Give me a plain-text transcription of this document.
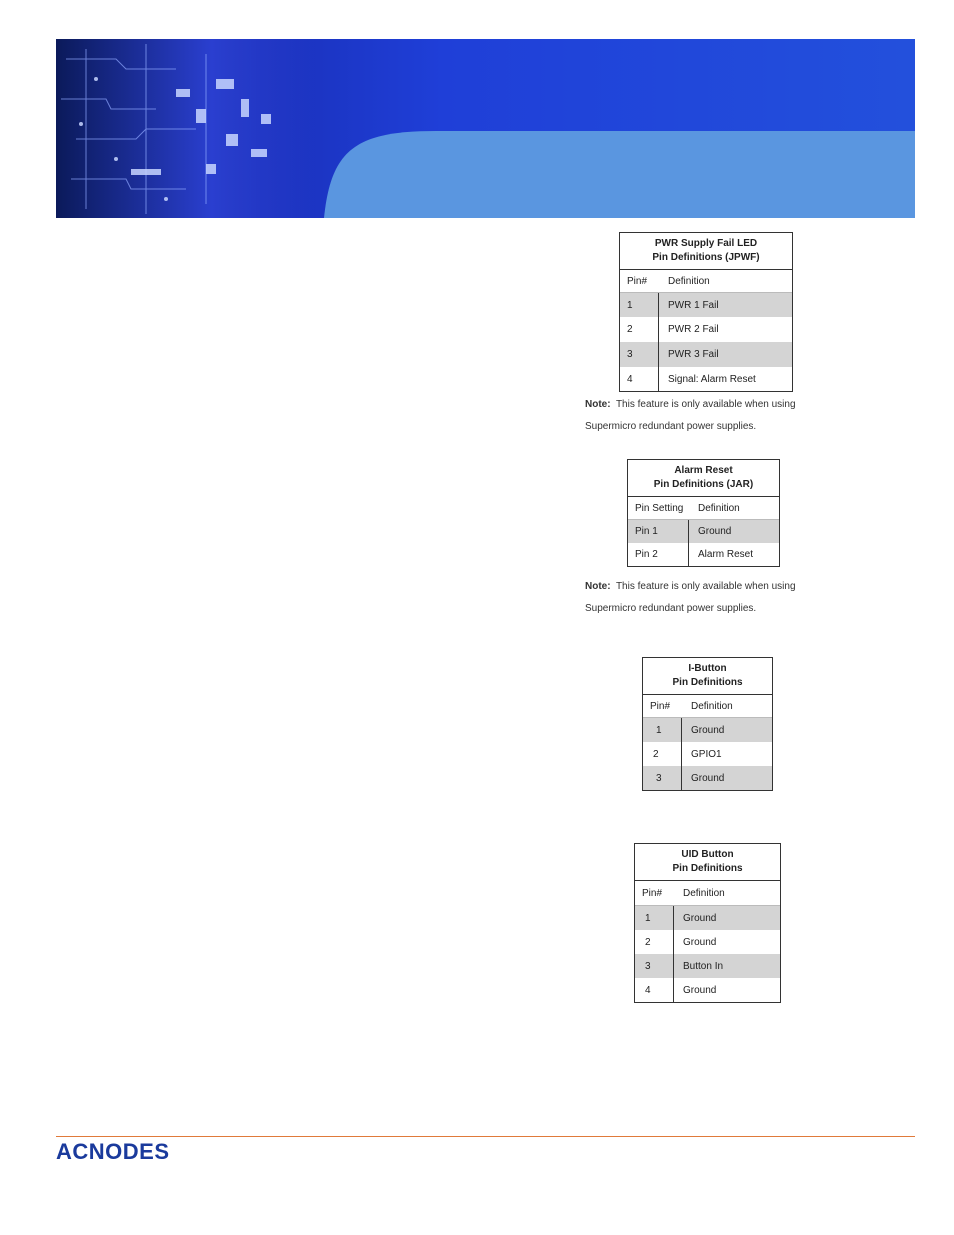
PWR Supply Fail LED
Pin Definitions (JPWF)
Pin#	Definition
1	PWR 1 Fail
2	PWR 2 Fail
3	PWR 3 Fail
4	Signal: Alarm Reset
Note: This feature is only available when using
Supermicro redundant power supplies.
Alarm Reset
Pin Definitions (JAR)
Pin Setting	Definition
Pin 1	Ground
Pin 2	Alarm Reset
Note: This feature is only available when using
Supermicro redundant power supplies.
I-Button
Pin Definitions
Pin#	Definition
1	Ground
2	GPIO1
3	Ground
UID Button
Pin Definitions
Pin#	Definition
1	Ground
2	Ground
3	Button In
4	Ground
ACNODES
